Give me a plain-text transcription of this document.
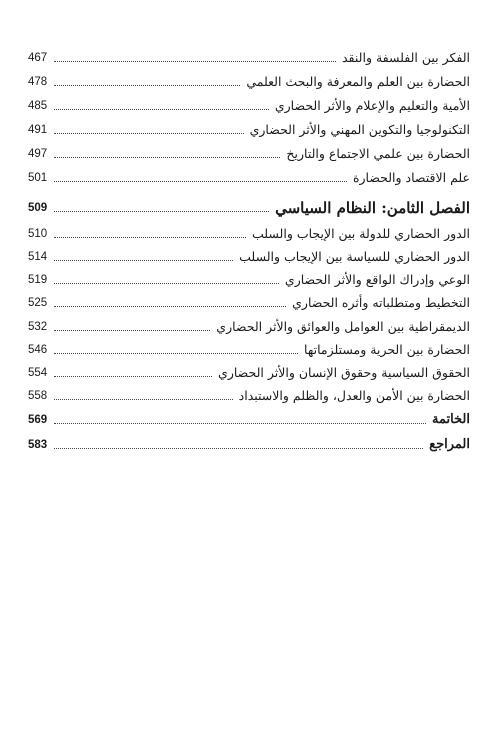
الفكر بين الفلسفة والنقد
467
الحضارة بين العلم والمعرفة والبحث العلمي
478
الأمية والتعليم والإعلام والأثر الحضاري
485
التكنولوجيا والتكوين المهني والأثر الحضاري
491
الحضارة بين علمي الاجتماع والتاريخ
497
علم الاقتصاد والحضارة
501
الفصل الثامن: النظام السياسي
509
الدور الحضاري للدولة بين الإيجاب والسلب
510
الدور الحضاري للسياسة بين الإيجاب والسلب
514
الوعي وإدراك الواقع والأثر الحضاري
519
التخطيط ومتطلباته وأثره الحضاري
525
الديمقراطية بين العوامل والعوائق والأثر الحضاري
532
الحضارة بين الحرية ومستلزماتها
546
الحقوق السياسية وحقوق الإنسان والأثر الحضاري
554
الحضارة بين الأمن والعدل، والظلم والاستبداد
558
الخاتمة
569
المراجع
583
